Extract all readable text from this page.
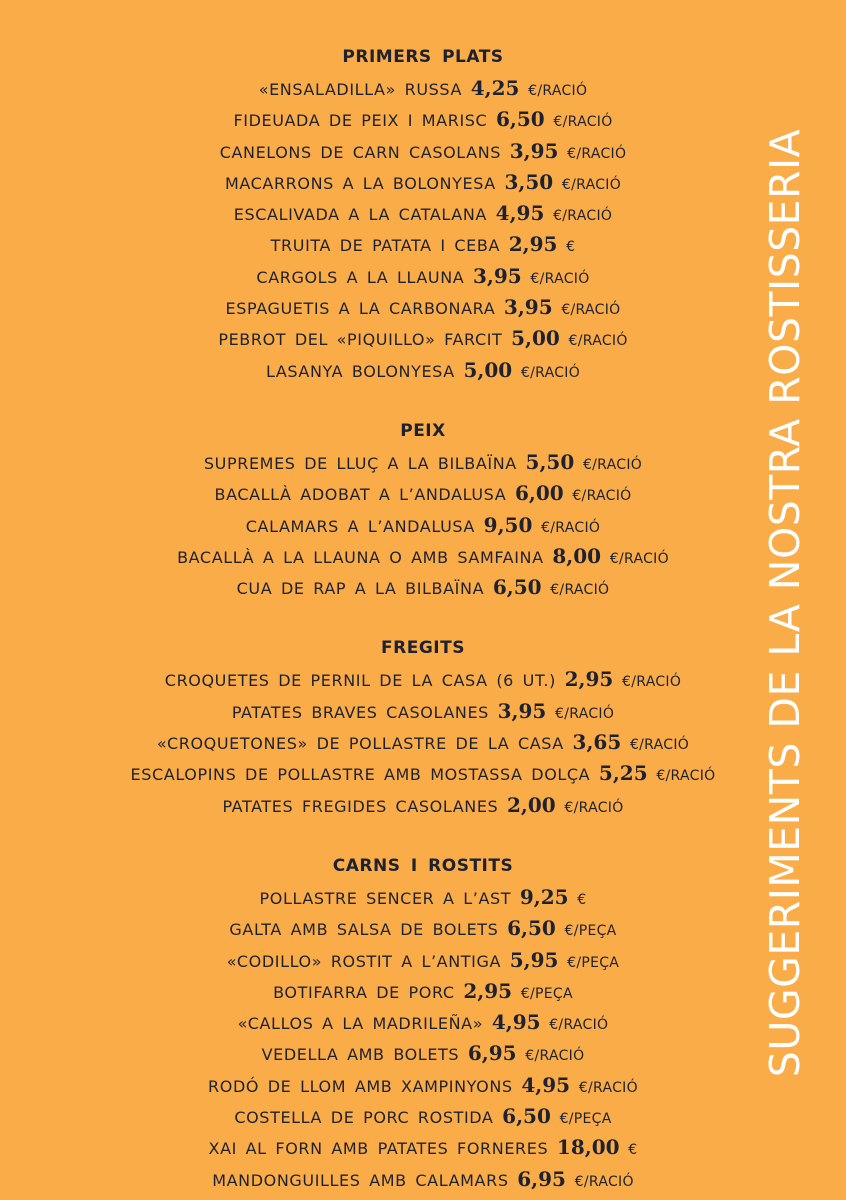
PRIMERS PLATS
«ENSALADILLA» RUSSA 4,25 €/RACIÓ
FIDEUADA DE PEIX I MARISC 6,50 €/RACIÓ
CANELONS DE CARN CASOLANS 3,95 €/RACIÓ
MACARRONS A LA BOLONYESA 3,50 €/RACIÓ
ESCALIVADA A LA CATALANA 4,95 €/RACIÓ
TRUITA DE PATATA I CEBA 2,95 €
CARGOLS A LA LLAUNA 3,95 €/RACIÓ
ESPAGUETIS A LA CARBONARA 3,95 €/RACIÓ
PEBROT DEL «PIQUILLO» FARCIT 5,00 €/RACIÓ
LASANYA BOLONYESA 5,00 €/RACIÓ
PEIX
SUPREMES DE LLUÇ A LA BILBAÏNA 5,50 €/RACIÓ
BACALLÀ ADOBAT A L’ANDALUSA 6,00 €/RACIÓ
CALAMARS A L’ANDALUSA 9,50 €/RACIÓ
BACALLÀ A LA LLAUNA O AMB SAMFAINA 8,00 €/RACIÓ
CUA DE RAP A LA BILBAÏNA 6,50 €/RACIÓ
FREGITS
CROQUETES DE PERNIL DE LA CASA (6 UT.) 2,95 €/RACIÓ
PATATES BRAVES CASOLANES 3,95 €/RACIÓ
«CROQUETONES» DE POLLASTRE DE LA CASA 3,65 €/RACIÓ
ESCALOPINS DE POLLASTRE AMB MOSTASSA DOLÇA 5,25 €/RACIÓ
PATATES FREGIDES CASOLANES 2,00 €/RACIÓ
CARNS I ROSTITS
POLLASTRE SENCER A L’AST 9,25 €
GALTA AMB SALSA DE BOLETS 6,50 €/PEÇA
«CODILLO» ROSTIT A L’ANTIGA 5,95 €/PEÇA
BOTIFARRA DE PORC 2,95 €/PEÇA
«CALLOS A LA MADRILEÑA» 4,95 €/RACIÓ
VEDELLA AMB BOLETS 6,95 €/RACIÓ
RODÓ DE LLOM AMB XAMPINYONS 4,95 €/RACIÓ
COSTELLA DE PORC ROSTIDA 6,50 €/PEÇA
XAI AL FORN AMB PATATES FORNERES 18,00 €
MANDONGUILLES AMB CALAMARS 6,95 €/RACIÓ
SUGGERIMENTS DE LA NOSTRA ROSTISSERIA
